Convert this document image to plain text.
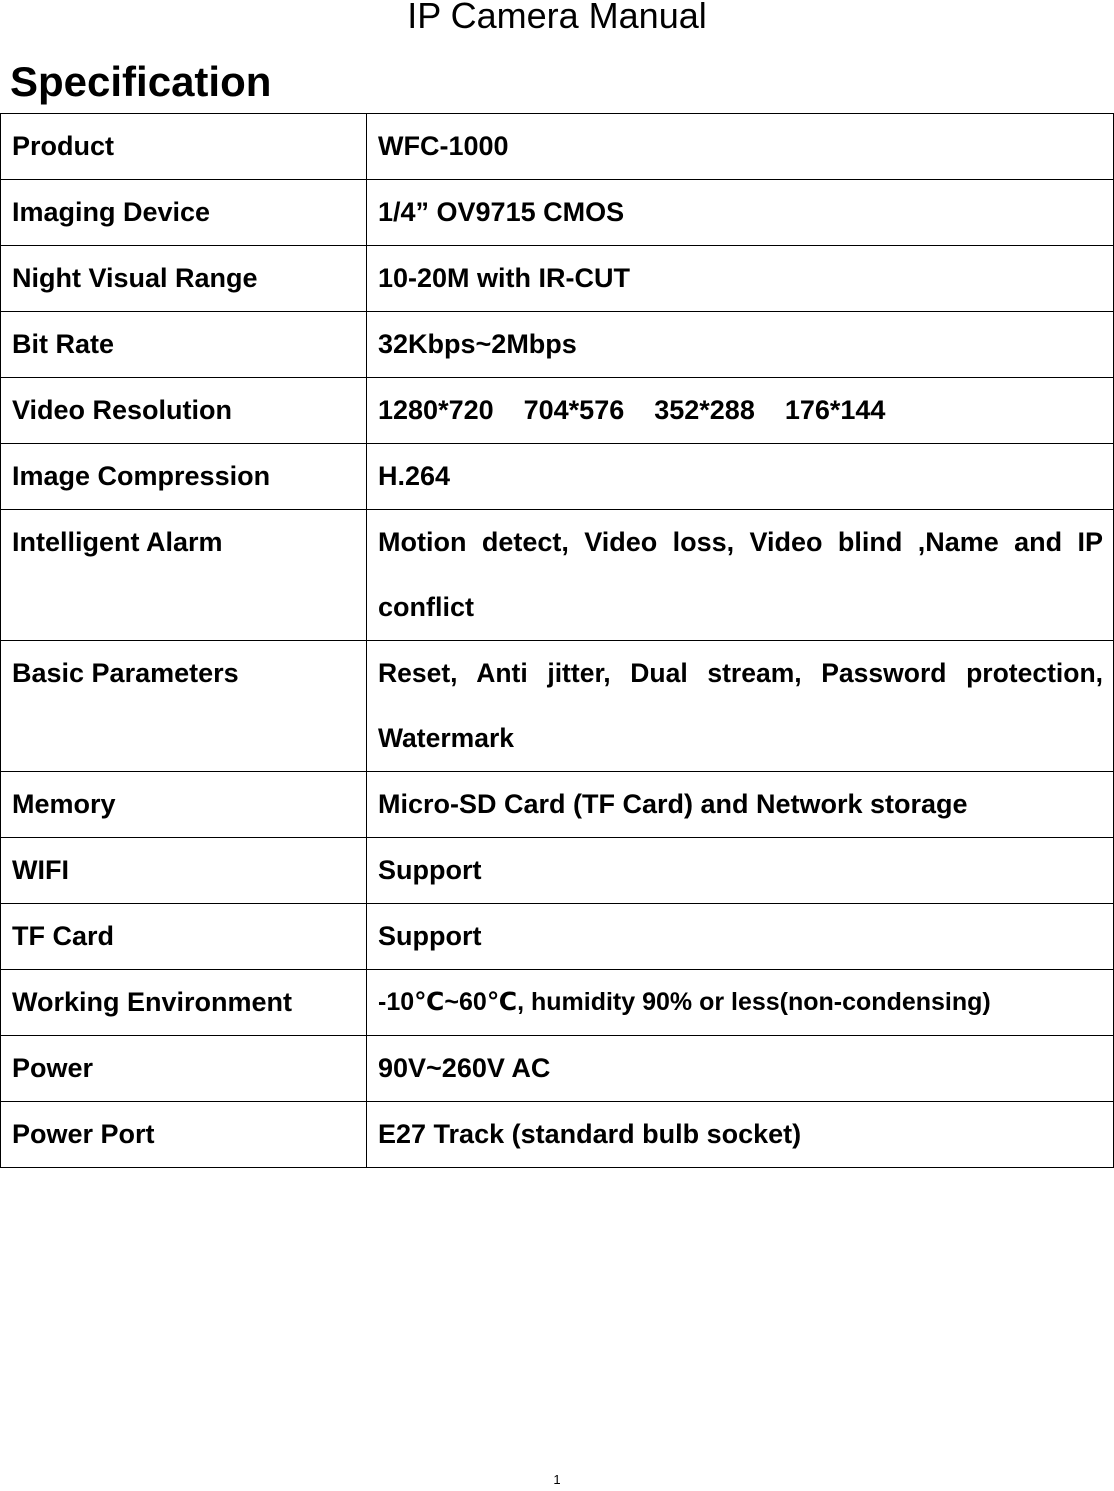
IP Camera Manual
Specification
Product	WFC-1000
Imaging Device	1/4” OV9715 CMOS
Night Visual Range	10-20M with IR-CUT
Bit Rate	32Kbps~2Mbps
Video Resolution	1280*720    704*576    352*288    176*144
Image Compression	H.264
Intelligent Alarm	Motion detect, Video loss, Video blind ,Name and IP conflict
Basic Parameters	Reset, Anti jitter, Dual stream, Password protection, Watermark
Memory	Micro-SD Card (TF Card) and Network storage
WIFI	Support
TF Card	Support
Working Environment	-10℃~60℃, humidity 90% or less(non-condensing)
Power	90V~260V AC
Power Port	E27 Track (standard bulb socket)
1
